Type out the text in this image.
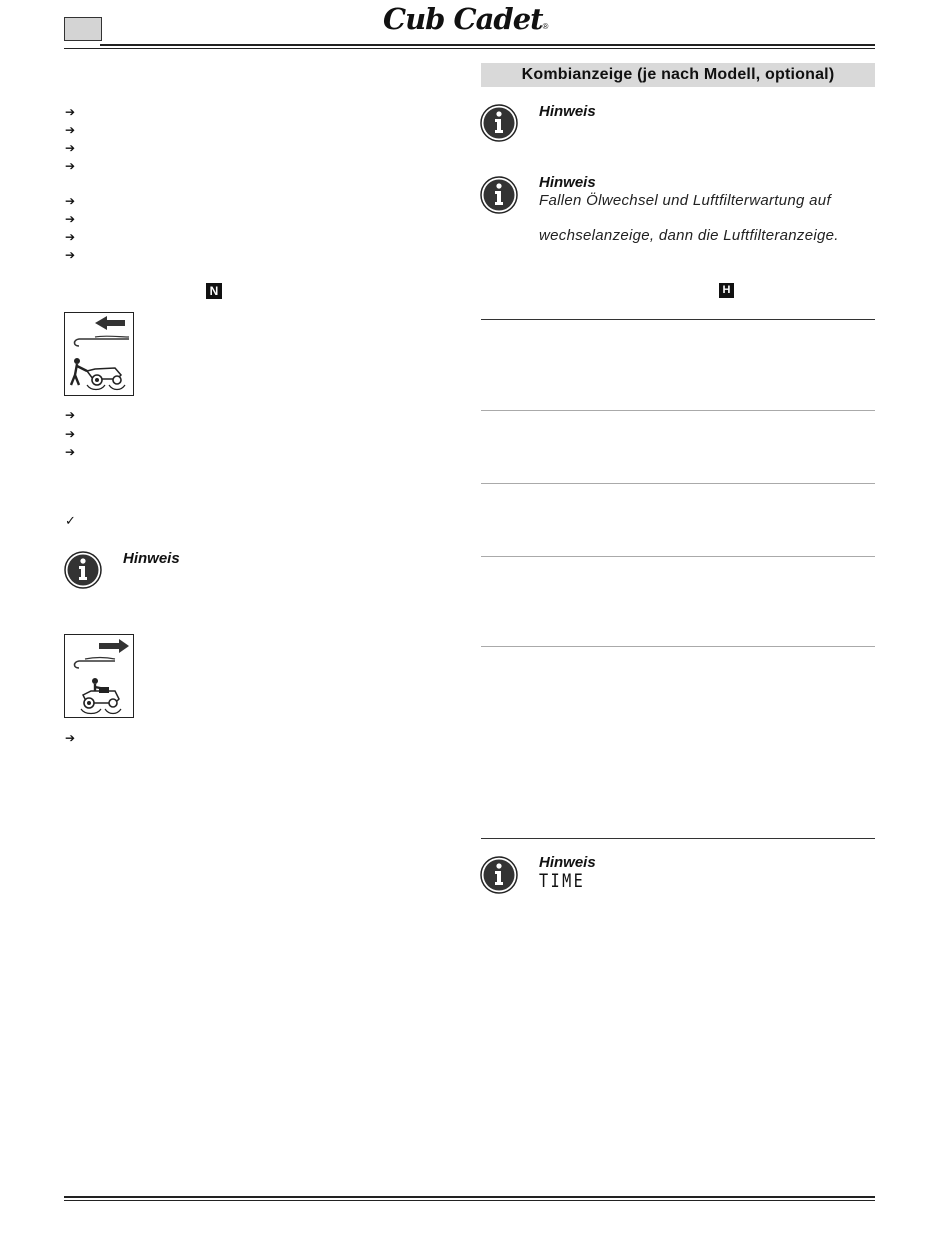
Cub Cadet®
➔
➔
➔
➔
➔
➔
➔
➔
N
➔
➔
➔
✓
Hinweis
➔
Kombianzeige (je nach Modell, optional)
Hinweis
Hinweis
Fallen Ölwechsel und Luftfilterwartung auf
wechselanzeige, dann die Luftfilteranzeige.
H
Hinweis
TIME
